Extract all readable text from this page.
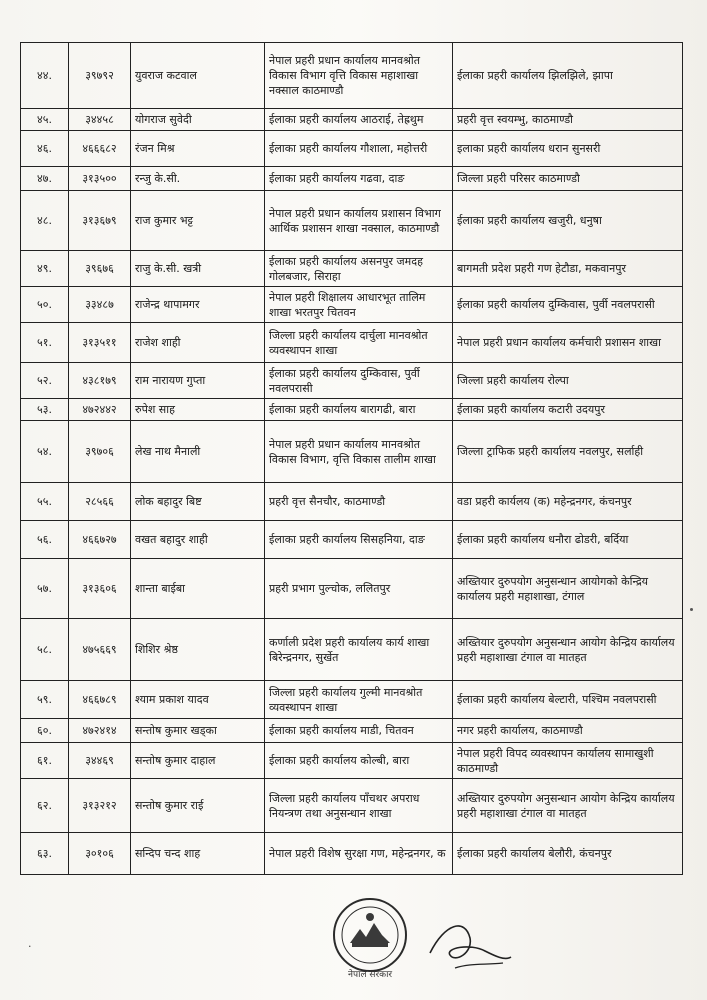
४४.	३९७९२	युवराज कटवाल	नेपाल प्रहरी प्रधान कार्यालय मानवश्रोत विकास विभाग वृत्ति विकास महाशाखा नक्साल काठमाण्डौ	ईलाका प्रहरी कार्यालय झिलझिले, झापा
४५.	३४४५८	योगराज सुवेदी	ईलाका प्रहरी कार्यालय आठराई, तेह्रथुम	प्रहरी वृत्त स्वयम्भु, काठमाण्डौ
४६.	४६६६८२	रंजन मिश्र	ईलाका प्रहरी कार्यालय गौशाला, महोत्तरी	इलाका प्रहरी कार्यालय धरान सुनसरी
४७.	३१३५००	रन्जु के.सी.	ईलाका प्रहरी कार्यालय गढवा, दाङ	जिल्ला प्रहरी परिसर काठमाण्डौ
४८.	३१३६७९	राज कुमार भट्ट	नेपाल प्रहरी प्रधान कार्यालय प्रशासन विभाग आर्थिक प्रशासन शाखा नक्साल, काठमाण्डौ	ईलाका प्रहरी कार्यालय खजुरी, धनुषा
४९.	३९६७६	राजु के.सी. खत्री	ईलाका प्रहरी कार्यालय असनपुर जमदह गोलबजार, सिराहा	बागमती प्रदेश प्रहरी गण हेटौडा, मकवानपुर
५०.	३३४८७	राजेन्द्र थापामगर	नेपाल प्रहरी शिक्षालय आधारभूत तालिम शाखा भरतपुर चितवन	ईलाका प्रहरी कार्यालय दुम्किवास, पुर्वी नवलपरासी
५१.	३१३५११	राजेश शाही	जिल्ला प्रहरी कार्यालय दार्चुला मानवश्रोत व्यवस्थापन शाखा	नेपाल प्रहरी प्रधान कार्यालय कर्मचारी प्रशासन शाखा
५२.	४३८१७९	राम नारायण गुप्ता	ईलाका प्रहरी कार्यालय दुम्किवास, पुर्वी नवलपरासी	जिल्ला प्रहरी कार्यालय रोल्पा
५३.	४७२४४२	रुपेश साह	ईलाका प्रहरी कार्यालय बारागढी, बारा	ईलाका प्रहरी कार्यालय कटारी उदयपुर
५४.	३९७०६	लेख नाथ मैनाली	नेपाल प्रहरी प्रधान कार्यालय मानवश्रोत विकास विभाग, वृत्ति विकास तालीम शाखा	जिल्ला ट्राफिक प्रहरी कार्यालय नवलपुर, सर्लाही
५५.	२८५६६	लोक बहादुर बिष्ट	प्रहरी वृत्त सैनचौर, काठमाण्डौ	वडा प्रहरी कार्यलय (क) महेन्द्रनगर, कंचनपुर
५६.	४६६७२७	वखत बहादुर शाही	ईलाका प्रहरी कार्यालय सिसहनिया, दाङ	ईलाका प्रहरी कार्यालय धनौरा ढोडरी, बर्दिया
५७.	३१३६०६	शान्ता बाईबा	प्रहरी प्रभाग पुल्चोक, ललितपुर	अख्तियार दुरुपयोग अनुसन्धान आयोगको केन्द्रिय कार्यालय प्रहरी महाशाखा, टंगाल
५८.	४७५६६९	शिशिर श्रेष्ठ	कर्णाली प्रदेश प्रहरी कार्यालय कार्य शाखा बिरेन्द्रनगर, सुर्खेत	अख्तियार दुरुपयोग अनुसन्धान आयोग केन्द्रिय कार्यालय प्रहरी महाशाखा टंगाल वा मातहत
५९.	४६६७८९	श्याम प्रकाश यादव	जिल्ला प्रहरी कार्यालय गुल्मी मानवश्रोत व्यवस्थापन शाखा	ईलाका प्रहरी कार्यालय बेल्टारी, पश्चिम नवलपरासी
६०.	४७२४१४	सन्तोष कुमार खड्का	ईलाका प्रहरी कार्यालय माडी, चितवन	नगर प्रहरी कार्यालय, काठमाण्डौ
६१.	३४४६९	सन्तोष कुमार दाहाल	ईलाका प्रहरी कार्यालय कोल्बी, बारा	नेपाल प्रहरी विपद व्यवस्थापन कार्यालय सामाखुशी काठमाण्डौ
६२.	३१३२१२	सन्तोष कुमार राई	जिल्ला प्रहरी कार्यालय पाँचथर अपराध नियन्त्रण तथा अनुसन्धान शाखा	अख्तियार दुरुपयोग अनुसन्धान आयोग केन्द्रिय कार्यालय प्रहरी महाशाखा टंगाल वा मातहत
६३.	३०१०६	सन्दिप चन्द शाह	नेपाल प्रहरी विशेष सुरक्षा गण, महेन्द्रनगर, क	ईलाका प्रहरी कार्यालय बेलौरी, कंचनपुर
नेपाल सरकार
·
